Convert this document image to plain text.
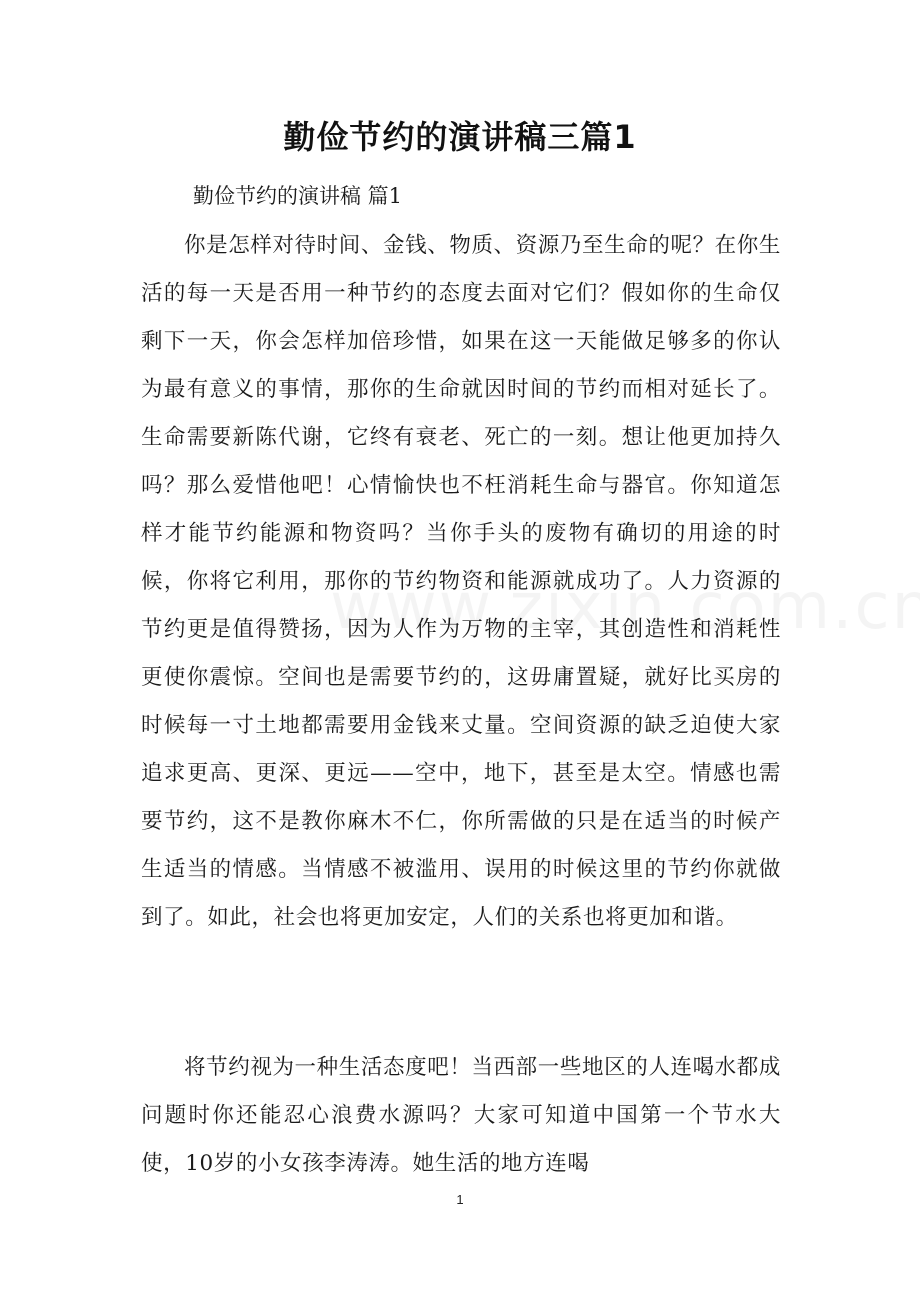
勤俭节约的演讲稿三篇1

勤俭节约的演讲稿 篇1

你是怎样对待时间、金钱、物质、资源乃至生命的呢？在你生活的每一天是否用一种节约的态度去面对它们？假如你的生命仅剩下一天，你会怎样加倍珍惜，如果在这一天能做足够多的你认为最有意义的事情，那你的生命就因时间的节约而相对延长了。生命需要新陈代谢，它终有衰老、死亡的一刻。想让他更加持久吗？那么爱惜他吧！心情愉快也不枉消耗生命与器官。你知道怎样才能节约能源和物资吗？当你手头的废物有确切的用途的时候，你将它利用，那你的节约物资和能源就成功了。人力资源的节约更是值得赞扬，因为人作为万物的主宰，其创造性和消耗性更使你震惊。空间也是需要节约的，这毋庸置疑，就好比买房的时候每一寸土地都需要用金钱来丈量。空间资源的缺乏迫使大家追求更高、更深、更远——空中，地下，甚至是太空。情感也需要节约，这不是教你麻木不仁，你所需做的只是在适当的时候产生适当的情感。当情感不被滥用、误用的时候这里的节约你就做到了。如此，社会也将更加安定，人们的关系也将更加和谐。

将节约视为一种生活态度吧！当西部一些地区的人连喝水都成问题时你还能忍心浪费水源吗？大家可知道中国第一个节水大使，10岁的小女孩李涛涛。她生活的地方连喝

1
